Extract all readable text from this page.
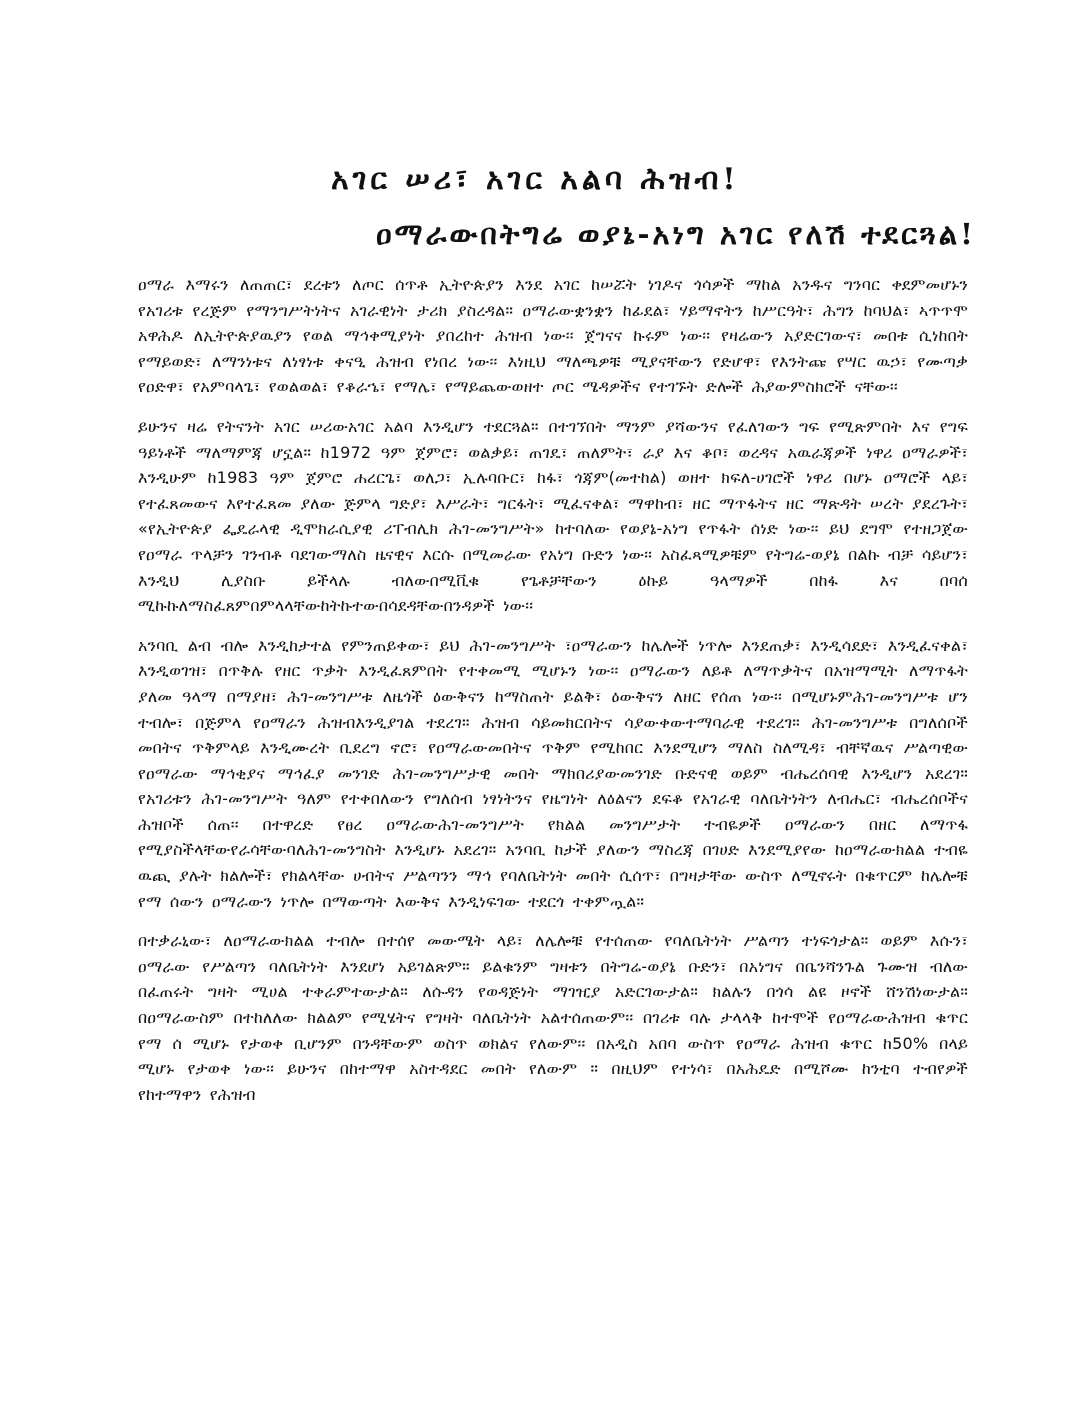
አገር ሠሪ፣ አገር አልባ ሕዝብ!
ዐማራውበትግሬ ወያኔ-አነግ አገር የለሽ ተደርጓል!

ዐማራ እማሩን ለጠጠር፣ ደረቱን ለጦር ሰጥቶ ኢትዮጵያን እንደ አገር ከሠሯት ነገዶና ጎሳዎች ማከል አንዱና ግንባር ቀደምመሆኑን የአገሪቱ የረጅም የማንግሥትነትና አገራዊነት ታሪክ ያስረዳል። ዐማራውቋንቋን ከፊደል፣ ሃይማኖትን ከሥርዓት፣ ሕግን ከባህል፣ ኣጥጥሞ አዋሕዶ ለኢትዮጵያዉያን የወል ማኅቀሚያነት ያበረከተ ሕዝብ ነው፡፡ ጀግናና ኩሩም ነው፡፡ የዛሬውን አያድርገውና፣ መበቱ ሲነከበት የማይወድ፣ ለማንነቱና ለነፃነቱ ቀናዒ ሕዝብ የነበረ ነው፡፡ እነዚህ ማለጫዎቹ ሚያናቸውን የድሆዋ፣ የእንትጩ የሣር ዉኃ፣ የሙጣቃ የዐድዋ፣ የአምባላጌ፣ የወልወል፣ የቆራኄ፣ የማሌ፣ የማይጨውወዘተ ጦር ሜዳዎችና የተገኙት ድሎች ሕያውምስክሮች ናቸው፡፡

ይሁንና ዛሬ የትናንት አገር ሠሪውአገር አልባ እንዲሆን ተደርጓል። በተገኘበት ማንም ያሻውንና የፈለገውን ግፍ የሚጽምበት እና የግፍ ዓይነቶች ማለማምጃ ሆኗል። ከ1972 ዓም ጀምሮ፣ ወልቃይ፣ ጠገዴ፣ ጠለምት፣ ራያ እና ቆቦ፣ ወረዳና አዉራጃዎች ነዋሪ ዐማራዎች፣ እንዲሁም ከ1983 ዓም ጀምሮ ሐረርጌ፣ ወለጋ፣ ኢሉባቡር፣ ከፋ፣ ጎጃም(መተከል) ወዘተ ክፍለ-ሀገሮች ነዋሪ በሆኑ ዐማሮች ላይ፣ የተፈጸመውና እየተፈጸመ ያለው ጅምላ ግድያ፣ እሥራት፣ ግርፋት፣ ሚፈናቀል፣ ማዋከብ፣ ዘር ማጥፋትና ዘር ማጽዳት ሠረት ያደረጉት፣ «የኢትዮጵያ ፌዴራላዊ ዲሞክራሲያዊ ሪፐብሊክ ሕገ-መንግሥት» ከተባለው የወያኔ-አነግ የጥፋት ሰነድ ነው፡፡ ይህ ደግሞ የተዘጋጀው የዐማራ ጥላቻን ገንብቶ ባደገውማለስ ዜናዊና እርሱ በሚመራው የአነግ ቡድን ነው፡፡ አስፈጻሚዎቹም የትግሬ-ወያኔ በልኩ ብቻ ሳይሆን፣ እንዲህ ሊያስቡ ይችላሉ ብለውበሚቪቁ የጌቶቻቸውን ዕኩይ ዓላማዎች በከፋ እና በባሰ ሚኩኩለማስፈጸምበምላላቸውከትኩተውበሳደዳቸውበንዳዎች ነው፡፡

አንባቢ ልብ ብሎ እንዲከታተል የምንጠይቀው፣ ይህ ሕገ-መንግሥት ፣ዐማራውን ከሌሎች ነጥሎ እንደጠቃ፣ እንዲሳደድ፣ እንዲፈናቀል፣ እንዲወገዝ፣ በጥቅሉ የዘር ጥቃት እንዲፈጸምበት የተቀመሚ ሚሆኑን ነው፡፡ ዐማራውን ለይቶ ለማጥቃትና በአዝማሚት ለማጥፋት ያለመ ዓላማ በማያዘ፣ ሕገ-መንግሥቱ ለዜጎች ዕውቅናን ከማስጠት ይልቅ፣ ዕውቅናን ለዘር የሰጠ ነው፡፡ በሚሆኑምሕገ-መንግሥቱ ሆን ተብሎ፣ በጅምላ የዐማራን ሕዝብእንዲያገል ተደረገ። ሕዝብ ሳይመክርበትና ሳያውቀውተማባራዊ ተደረገ። ሕገ-መንግሥቱ በግለሰቦች መበትና ጥቅምላይ እንዲሙረት ቢደረግ ኖሮ፣ የዐማራውመበትና ጥቅም የሚከበር እንደሚሆን ማለስ ስለሚዳ፣ ብቸኛዉና ሥልጣዊው የዐማራው ማኅቂያና ማኅፈያ መንገድ ሕገ-መንግሥታዊ መበት ማክበሪያውመንገድ ቡድናዊ ወይም ብሔረሰባዊ እንዲሆን አደረገ። የአገሪቱን ሕገ-መንግሥት ዓለም የተቀበለውን የግለሰብ ነፃነትንና የዜግነት ለዕልናን ደፍቆ የአገራዊ ባለቤትነትን ለብሔር፣ ብሔረሰቦችና ሕዝቦች ሰጠ፡፡ በተዋረድ የፀረ ዐማራውሕገ-መንግሥት የክልል መንግሥታት ተብዬዎች ዐማራውን በዘር ለማጥፋ የሚያስችላቸውየራሳቸውባለሕገ-መንግስት እንዲሆኑ አደረገ። አንባቢ ከታች ያለውን ማስረጃ በገሀድ እንደሚያየው ከዐማራውክልል ተብዬ ዉጪ ያሉት ክልሎች፣ የክልላቸው ሀብትና ሥልጣንን ማኅ የባለቤትነት መበት ሲሰጥ፣ በግዛታቸው ውስጥ ለሚኖሩት በቁጥርም ከሌሎቹ የማ ሰውን ዐማራውን ነጥሎ በማውጣት እውቅና እንዲነፍገው ተደርጎ ተቀምጧል።

በተቃራኒው፣ ለዐማራውክልል ተብሎ በተሰየ መውሜት ላይ፣ ለሌሎቹ የተሰጠው የባለቤትነት ሥልጣን ተነፍጎታል። ወይም እሱን፣ ዐማራው የሥልጣን ባለቤትነት እንደሆነ አይገልጽም። ይልቁንም ግዛቱን በትግሬ-ወያኔ ቡድን፣ በአነግና በቤንሻንጉል ጉሙዝ ብለው በፈጠሩት ግዛት ሚሀል ተቀራምተውታል። ለሱዳን የወዳጅነት ማገዢያ አድርገውታል። ክልሉን በጎሳ ልዩ ዞኖች ሸንሽነውታል። በዐማራውስም በተከለለው ክልልም የሚሄትና የግዛት ባለቤትነት አልተሰጠውም፡፡ በገሪቱ ባሉ ታላላቅ ከተሞች የዐማራውሕዝብ ቁጥር የማ ሰ ሚሆኑ የታወቀ ቢሆንም በንዳቸውም ወስጥ ወክልና የለውም፡፡ በአዲስ አበባ ውስጥ የዐማራ ሕዝብ ቁጥር ከ50% በላይ ሚሆኑ የታወቀ ነው፡፡ ይሁንና በከተማዋ አስተዳደር መበት የለውም ። በዚህም የተነሳ፣ በአሕዴድ በሚሾሙ ከንቲባ ተብየዎች የከተማዋን የሕዝብ
